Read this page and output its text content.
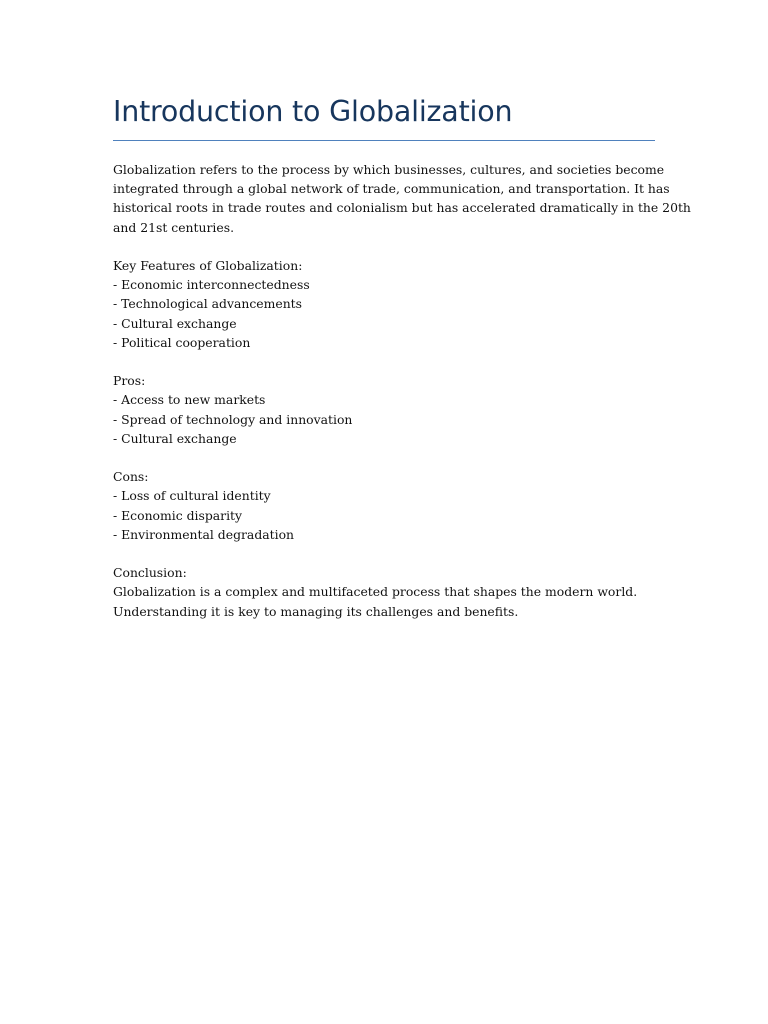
Introduction to Globalization

Globalization refers to the process by which businesses, cultures, and societies become
integrated through a global network of trade, communication, and transportation. It has
historical roots in trade routes and colonialism but has accelerated dramatically in the 20th
and 21st centuries.

Key Features of Globalization:
- Economic interconnectedness
- Technological advancements
- Cultural exchange
- Political cooperation
Pros:
- Access to new markets
- Spread of technology and innovation
- Cultural exchange
Cons:
- Loss of cultural identity
- Economic disparity
- Environmental degradation
Conclusion:
Globalization is a complex and multifaceted process that shapes the modern world.
Understanding it is key to managing its challenges and benefits.
